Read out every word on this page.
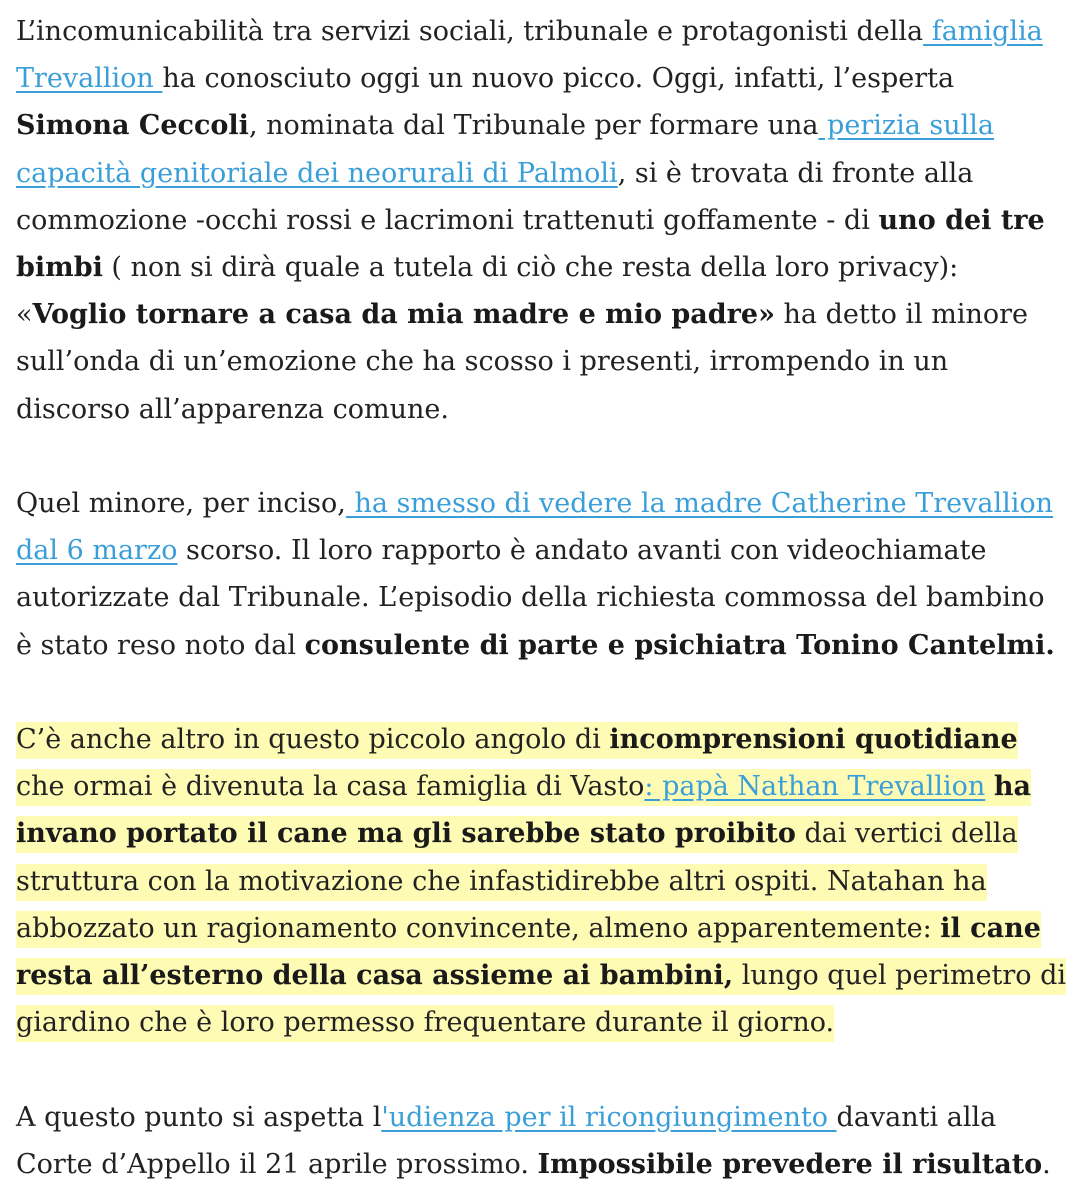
L’incomunicabilità tra servizi sociali, tribunale e protagonisti della famiglia Trevallion ha conosciuto oggi un nuovo picco. Oggi, infatti, l’esperta Simona Ceccoli, nominata dal Tribunale per formare una perizia sulla capacità genitoriale dei neorurali di Palmoli, si è trovata di fronte alla commozione -occhi rossi e lacrimoni trattenuti goffamente - di uno dei tre bimbi ( non si dirà quale a tutela di ciò che resta della loro privacy): «Voglio tornare a casa da mia madre e mio padre» ha detto il minore sull’onda di un’emozione che ha scosso i presenti, irrompendo in un discorso all’apparenza comune.

Quel minore, per inciso, ha smesso di vedere la madre Catherine Trevallion dal 6 marzo scorso. Il loro rapporto è andato avanti con videochiamate autorizzate dal Tribunale. L’episodio della richiesta commossa del bambino è stato reso noto dal consulente di parte e psichiatra Tonino Cantelmi.

C’è anche altro in questo piccolo angolo di incomprensioni quotidiane che ormai è divenuta la casa famiglia di Vasto: papà Nathan Trevallion ha invano portato il cane ma gli sarebbe stato proibito dai vertici della struttura con la motivazione che infastidirebbe altri ospiti. Natahan ha abbozzato un ragionamento convincente, almeno apparentemente: il cane resta all’esterno della casa assieme ai bambini, lungo quel perimetro di giardino che è loro permesso frequentare durante il giorno.

A questo punto si aspetta l'udienza per il ricongiungimento davanti alla Corte d’Appello il 21 aprile prossimo. Impossibile prevedere il risultato.
